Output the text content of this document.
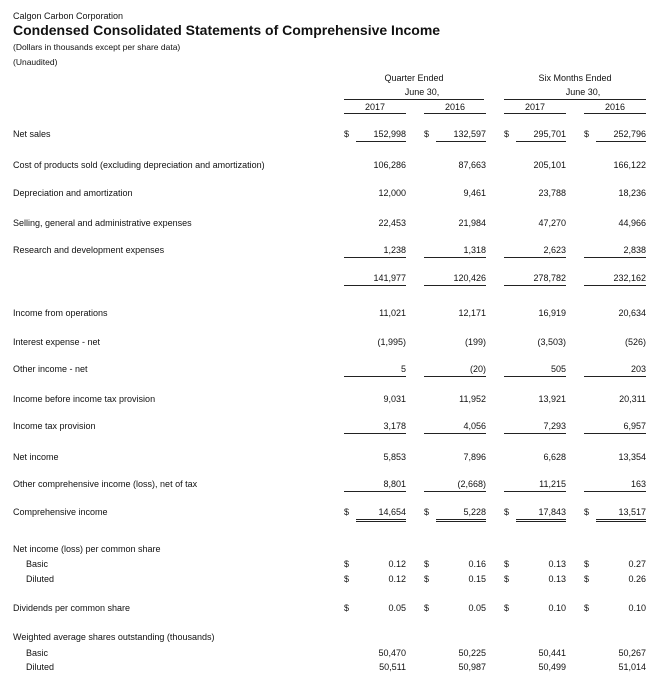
Calgon Carbon Corporation
Condensed Consolidated Statements of Comprehensive Income
(Dollars in thousands except per share data)
(Unaudited)
Quarter Ended
June 30,
Six Months Ended
June 30,
2017	2016	2017	2016
Net sales	$	152,998 $	132,597 $	295,701 $	252,796
Cost of products sold (excluding depreciation and amortization)	106,286	87,663	205,101	166,122
Depreciation and amortization	12,000	9,461	23,788	18,236
Selling, general and administrative expenses	22,453	21,984	47,270	44,966
Research and development expenses	1,238	1,318	2,623	2,838
141,977	120,426	278,782	232,162
Income from operations	11,021	12,171	16,919	20,634
Interest expense - net	(1,995)	(199)	(3,503)	(526)
Other income - net	5	(20)	505	203
Income before income tax provision	9,031	11,952	13,921	20,311
Income tax provision	3,178	4,056	7,293	6,957
Net income	5,853	7,896	6,628	13,354
Other comprehensive income (loss), net of tax	8,801	(2,668)	11,215	163
Comprehensive income	$	14,654 $	5,228 $	17,843 $	13,517
Net income (loss) per common share
Basic	$	0.12 $	0.16 $	0.13 $	0.27
Diluted	$	0.12 $	0.15 $	0.13 $	0.26
Dividends per common share	$	0.05 $	0.05 $	0.10 $	0.10
Weighted average shares outstanding (thousands)
Basic	50,470	50,225	50,441	50,267
Diluted	50,511	50,987	50,499	51,014
